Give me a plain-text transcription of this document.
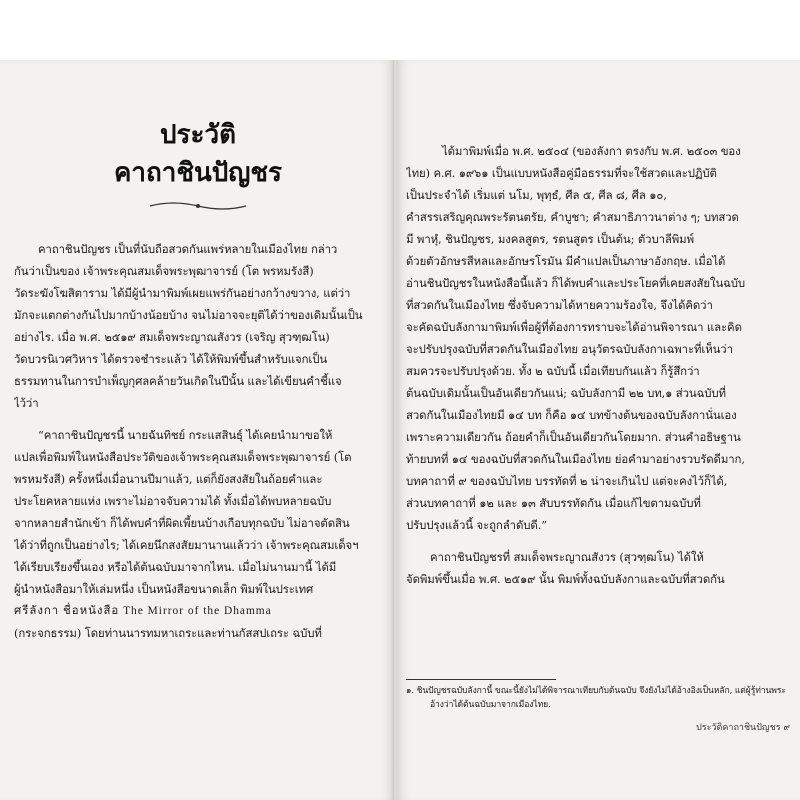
ประวัติ
คาถาชินปัญชร
คาถาชินปัญชร เป็นที่นับถือสวดกันแพร่หลายในเมืองไทย กล่าว
กันว่าเป็นของ เจ้าพระคุณสมเด็จพระพุฒาจารย์ (โต พรหมรังสี)
วัดระฆังโฆสิตาราม ได้มีผู้นำมาพิมพ์เผยแพร่กันอย่างกว้างขวาง, แต่ว่า
มักจะแตกต่างกันไปมากบ้างน้อยบ้าง จนไม่อาจจะยุติได้ว่าของเดิมนั้นเป็น
อย่างไร. เมื่อ พ.ศ. ๒๕๑๙ สมเด็จพระญาณสังวร (เจริญ สุวฑฺฒโน)
วัดบวรนิเวศวิหาร ได้ตรวจชำระแล้ว ได้ให้พิมพ์ขึ้นสำหรับแจกเป็น
ธรรมทานในการบำเพ็ญกุศลคล้ายวันเกิดในปีนั้น และได้เขียนคำชี้แจ
ไว้ว่า
“คาถาชินปัญชรนี้ นายฉันทิชย์ กระแสสินธุ์ ได้เคยนำมาขอให้
แปลเพื่อพิมพ์ในหนังสือประวัติของเจ้าพระคุณสมเด็จพระพุฒาจารย์ (โต
พรหมรังสี) ครั้งหนึ่งเมื่อนานปีมาแล้ว, แต่ก็ยังสงสัยในถ้อยคำและ
ประโยคหลายแห่ง เพราะไม่อาจจับความได้ ทั้งเมื่อได้พบหลายฉบับ
จากหลายสำนักเข้า ก็ได้พบคำที่ผิดเพี้ยนบ้างเกือบทุกฉบับ ไม่อาจตัดสิน
ได้ว่าที่ถูกเป็นอย่างไร; ได้เคยนึกสงสัยมานานแล้วว่า เจ้าพระคุณสมเด็จฯ
ได้เรียบเรียงขึ้นเอง หรือได้ต้นฉบับมาจากไหน. เมื่อไม่นานมานี้ ได้มี
ผู้นำหนังสือมาให้เล่มหนึ่ง เป็นหนังสือขนาดเล็ก พิมพ์ในประเทศ
ศรีลังกา ชื่อหนังสือ The Mirror of the Dhamma
(กระจกธรรม) โดยท่านนารทมหาเถระและท่านกัสสปเถระ ฉบับที่
ได้มาพิมพ์เมื่อ พ.ศ. ๒๕๐๔ (ของลังกา ตรงกับ พ.ศ. ๒๕๐๓ ของ
ไทย) ค.ศ. ๑๙๖๑ เป็นแบบหนังสือคู่มือธรรมที่จะใช้สวดและปฏิบัติ
เป็นประจำได้ เริ่มแต่ นโม, พุทฺธํ, ศีล ๕, ศีล ๘, ศีล ๑๐,
คำสรรเสริญคุณพระรัตนตรัย, คำบูชา; คำสมาธิภาวนาต่าง ๆ; บทสวด
มี พาหุํ, ชินปัญชร, มงคลสูตร, รตนสูตร เป็นต้น; ตัวบาลีพิมพ์
ด้วยตัวอักษรสีหลและอักษรโรมัน มีคำแปลเป็นภาษาอังกฤษ. เมื่อได้
อ่านชินปัญชรในหนังสือนี้แล้ว ก็ได้พบคำและประโยคที่เคยสงสัยในฉบับ
ที่สวดกันในเมืองไทย ซึ่งจับความได้หายความร้องใจ, จึงได้คิดว่า
จะคัดฉบับลังกามาพิมพ์เพื่อผู้ที่ต้องการทราบจะได้อ่านพิจารณา และคิด
จะปรับปรุงฉบับที่สวดกันในเมืองไทย อนุวัตรฉบับลังกาเฉพาะที่เห็นว่า
สมควรจะปรับปรุงด้วย. ทั้ง ๒ ฉบับนี้ เมื่อเทียบกันแล้ว ก็รู้สึกว่า
ต้นฉบับเดิมนั้นเป็นอันเดียวกันแน่; ฉบับลังกามี ๒๒ บท,๑ ส่วนฉบับที่
สวดกันในเมืองไทยมี ๑๔ บท ก็คือ ๑๔ บทข้างต้นของฉบับลังกานั่นเอง
เพราะความเดียวกัน ถ้อยคำก็เป็นอันเดียวกันโดยมาก. ส่วนคำอธิษฐาน
ท้ายบทที่ ๑๔ ของฉบับที่สวดกันในเมืองไทย ย่อคำมาอย่างรวบรัดดีมาก,
บทคาถาที่ ๙ ของฉบับไทย บรรทัดที่ ๒ น่าจะเกินไป แต่จะคงไว้ก็ได้,
ส่วนบทคาถาที่ ๑๒ และ ๑๓ สับบรรทัดกัน เมื่อแก้ไขตามฉบับที่
ปรับปรุงแล้วนี้ จะถูกลำดับดี.”
คาถาชินปัญชรที่ สมเด็จพระญาณสังวร (สุวฑฺฒโน) ได้ให้
จัดพิมพ์ขึ้นเมื่อ พ.ศ. ๒๕๑๙ นั้น พิมพ์ทั้งฉบับลังกาและฉบับที่สวดกัน
๑. ชินปัญชรฉบับลังกานี้ ขณะนี้ยังไม่ได้พิจารณาเทียบกับต้นฉบับ จึงยังไม่ได้อ้างอิงเป็นหลัก, แต่ผู้รู้ท่านพระ
อ้างว่าได้ต้นฉบับมาจากเมืองไทย.
ประวัติคาถาชินปัญชร ๙
